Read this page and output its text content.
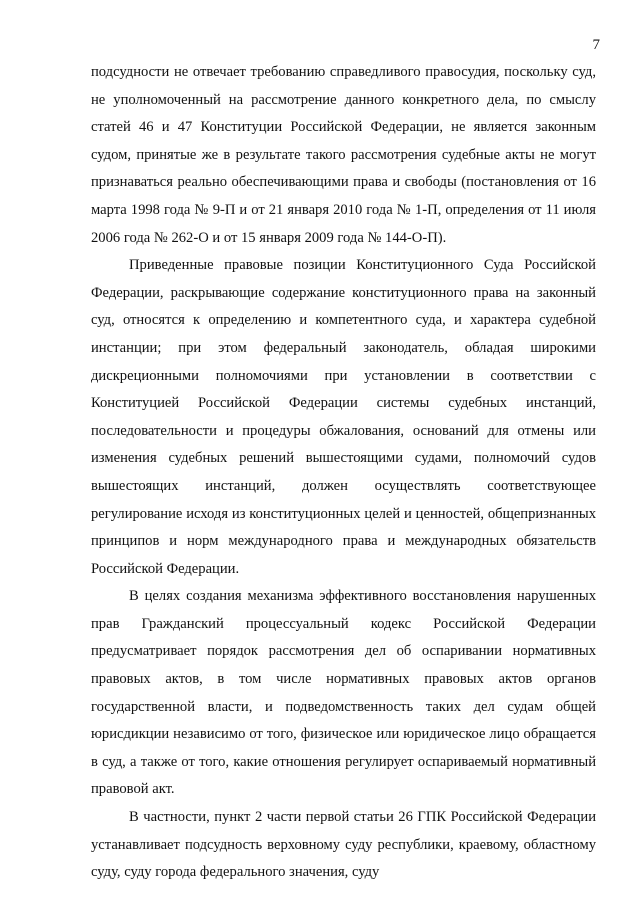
7

подсудности не отвечает требованию справедливого правосудия, поскольку суд, не уполномоченный на рассмотрение данного конкретного дела, по смыслу статей 46 и 47 Конституции Российской Федерации, не является законным судом, принятые же в результате такого рассмотрения судебные акты не могут признаваться реально обеспечивающими права и свободы (постановления от 16 марта 1998 года № 9-П и от 21 января 2010 года № 1-П, определения от 11 июля 2006 года № 262-О и от 15 января 2009 года № 144-О-П).

Приведенные правовые позиции Конституционного Суда Российской Федерации, раскрывающие содержание конституционного права на законный суд, относятся к определению и компетентного суда, и характера судебной инстанции; при этом федеральный законодатель, обладая широкими дискреционными полномочиями при установлении в соответствии с Конституцией Российской Федерации системы судебных инстанций, последовательности и процедуры обжалования, оснований для отмены или изменения судебных решений вышестоящими судами, полномочий судов вышестоящих инстанций, должен осуществлять соответствующее регулирование исходя из конституционных целей и ценностей, общепризнанных принципов и норм международного права и международных обязательств Российской Федерации.

В целях создания механизма эффективного восстановления нарушенных прав Гражданский процессуальный кодекс Российской Федерации предусматривает порядок рассмотрения дел об оспаривании нормативных правовых актов, в том числе нормативных правовых актов органов государственной власти, и подведомственность таких дел судам общей юрисдикции независимо от того, физическое или юридическое лицо обращается в суд, а также от того, какие отношения регулирует оспариваемый нормативный правовой акт.

В частности, пункт 2 части первой статьи 26 ГПК Российской Федерации устанавливает подсудность верховному суду республики, краевому, областному суду, суду города федерального значения, суду
